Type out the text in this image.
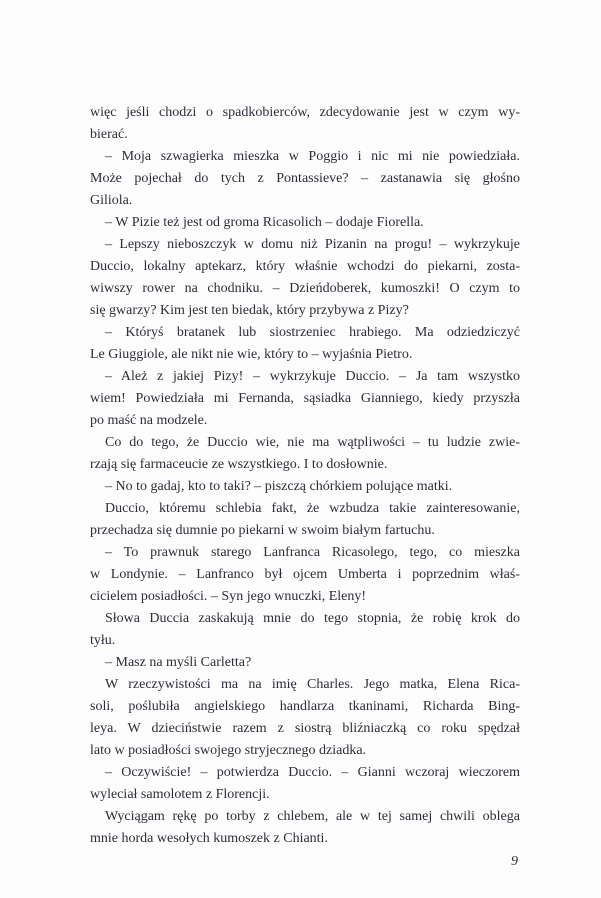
więc jeśli chodzi o spadkobierców, zdecydowanie jest w czym wy-
bierać.
– Moja szwagierka mieszka w Poggio i nic mi nie powiedziała.
Może pojechał do tych z Pontassieve? – zastanawia się głośno
Giliola.
– W Pizie też jest od groma Ricasolich – dodaje Fiorella.
– Lepszy nieboszczyk w domu niż Pizanin na progu! – wykrzykuje
Duccio, lokalny aptekarz, który właśnie wchodzi do piekarni, zosta-
wiwszy rower na chodniku. – Dzieńdoberek, kumoszki! O czym to
się gwarzy? Kim jest ten biedak, który przybywa z Pizy?
– Któryś bratanek lub siostrzeniec hrabiego. Ma odziedziczyć
Le Giuggiole, ale nikt nie wie, który to – wyjaśnia Pietro.
– Ależ z jakiej Pizy! – wykrzykuje Duccio. – Ja tam wszystko
wiem! Powiedziała mi Fernanda, sąsiadka Gianniego, kiedy przyszła
po maść na modzele.
Co do tego, że Duccio wie, nie ma wątpliwości – tu ludzie zwie-
rzają się farmaceucie ze wszystkiego. I to dosłownie.
– No to gadaj, kto to taki? – piszczą chórkiem polujące matki.
Duccio, któremu schlebia fakt, że wzbudza takie zainteresowanie,
przechadza się dumnie po piekarni w swoim białym fartuchu.
– To prawnuk starego Lanfranca Ricasolego, tego, co mieszka
w Londynie. – Lanfranco był ojcem Umberta i poprzednim właś-
cicielem posiadłości. – Syn jego wnuczki, Eleny!
Słowa Duccia zaskakują mnie do tego stopnia, że robię krok do
tyłu.
– Masz na myśli Carletta?
W rzeczywistości ma na imię Charles. Jego matka, Elena Rica-
soli, poślubiła angielskiego handlarza tkaninami, Richarda Bing-
leya. W dzieciństwie razem z siostrą bliźniaczką co roku spędzał
lato w posiadłości swojego stryjecznego dziadka.
– Oczywiście! – potwierdza Duccio. – Gianni wczoraj wieczorem
wyleciał samolotem z Florencji.
Wyciągam rękę po torby z chlebem, ale w tej samej chwili oblega
mnie horda wesołych kumoszek z Chianti.
9
